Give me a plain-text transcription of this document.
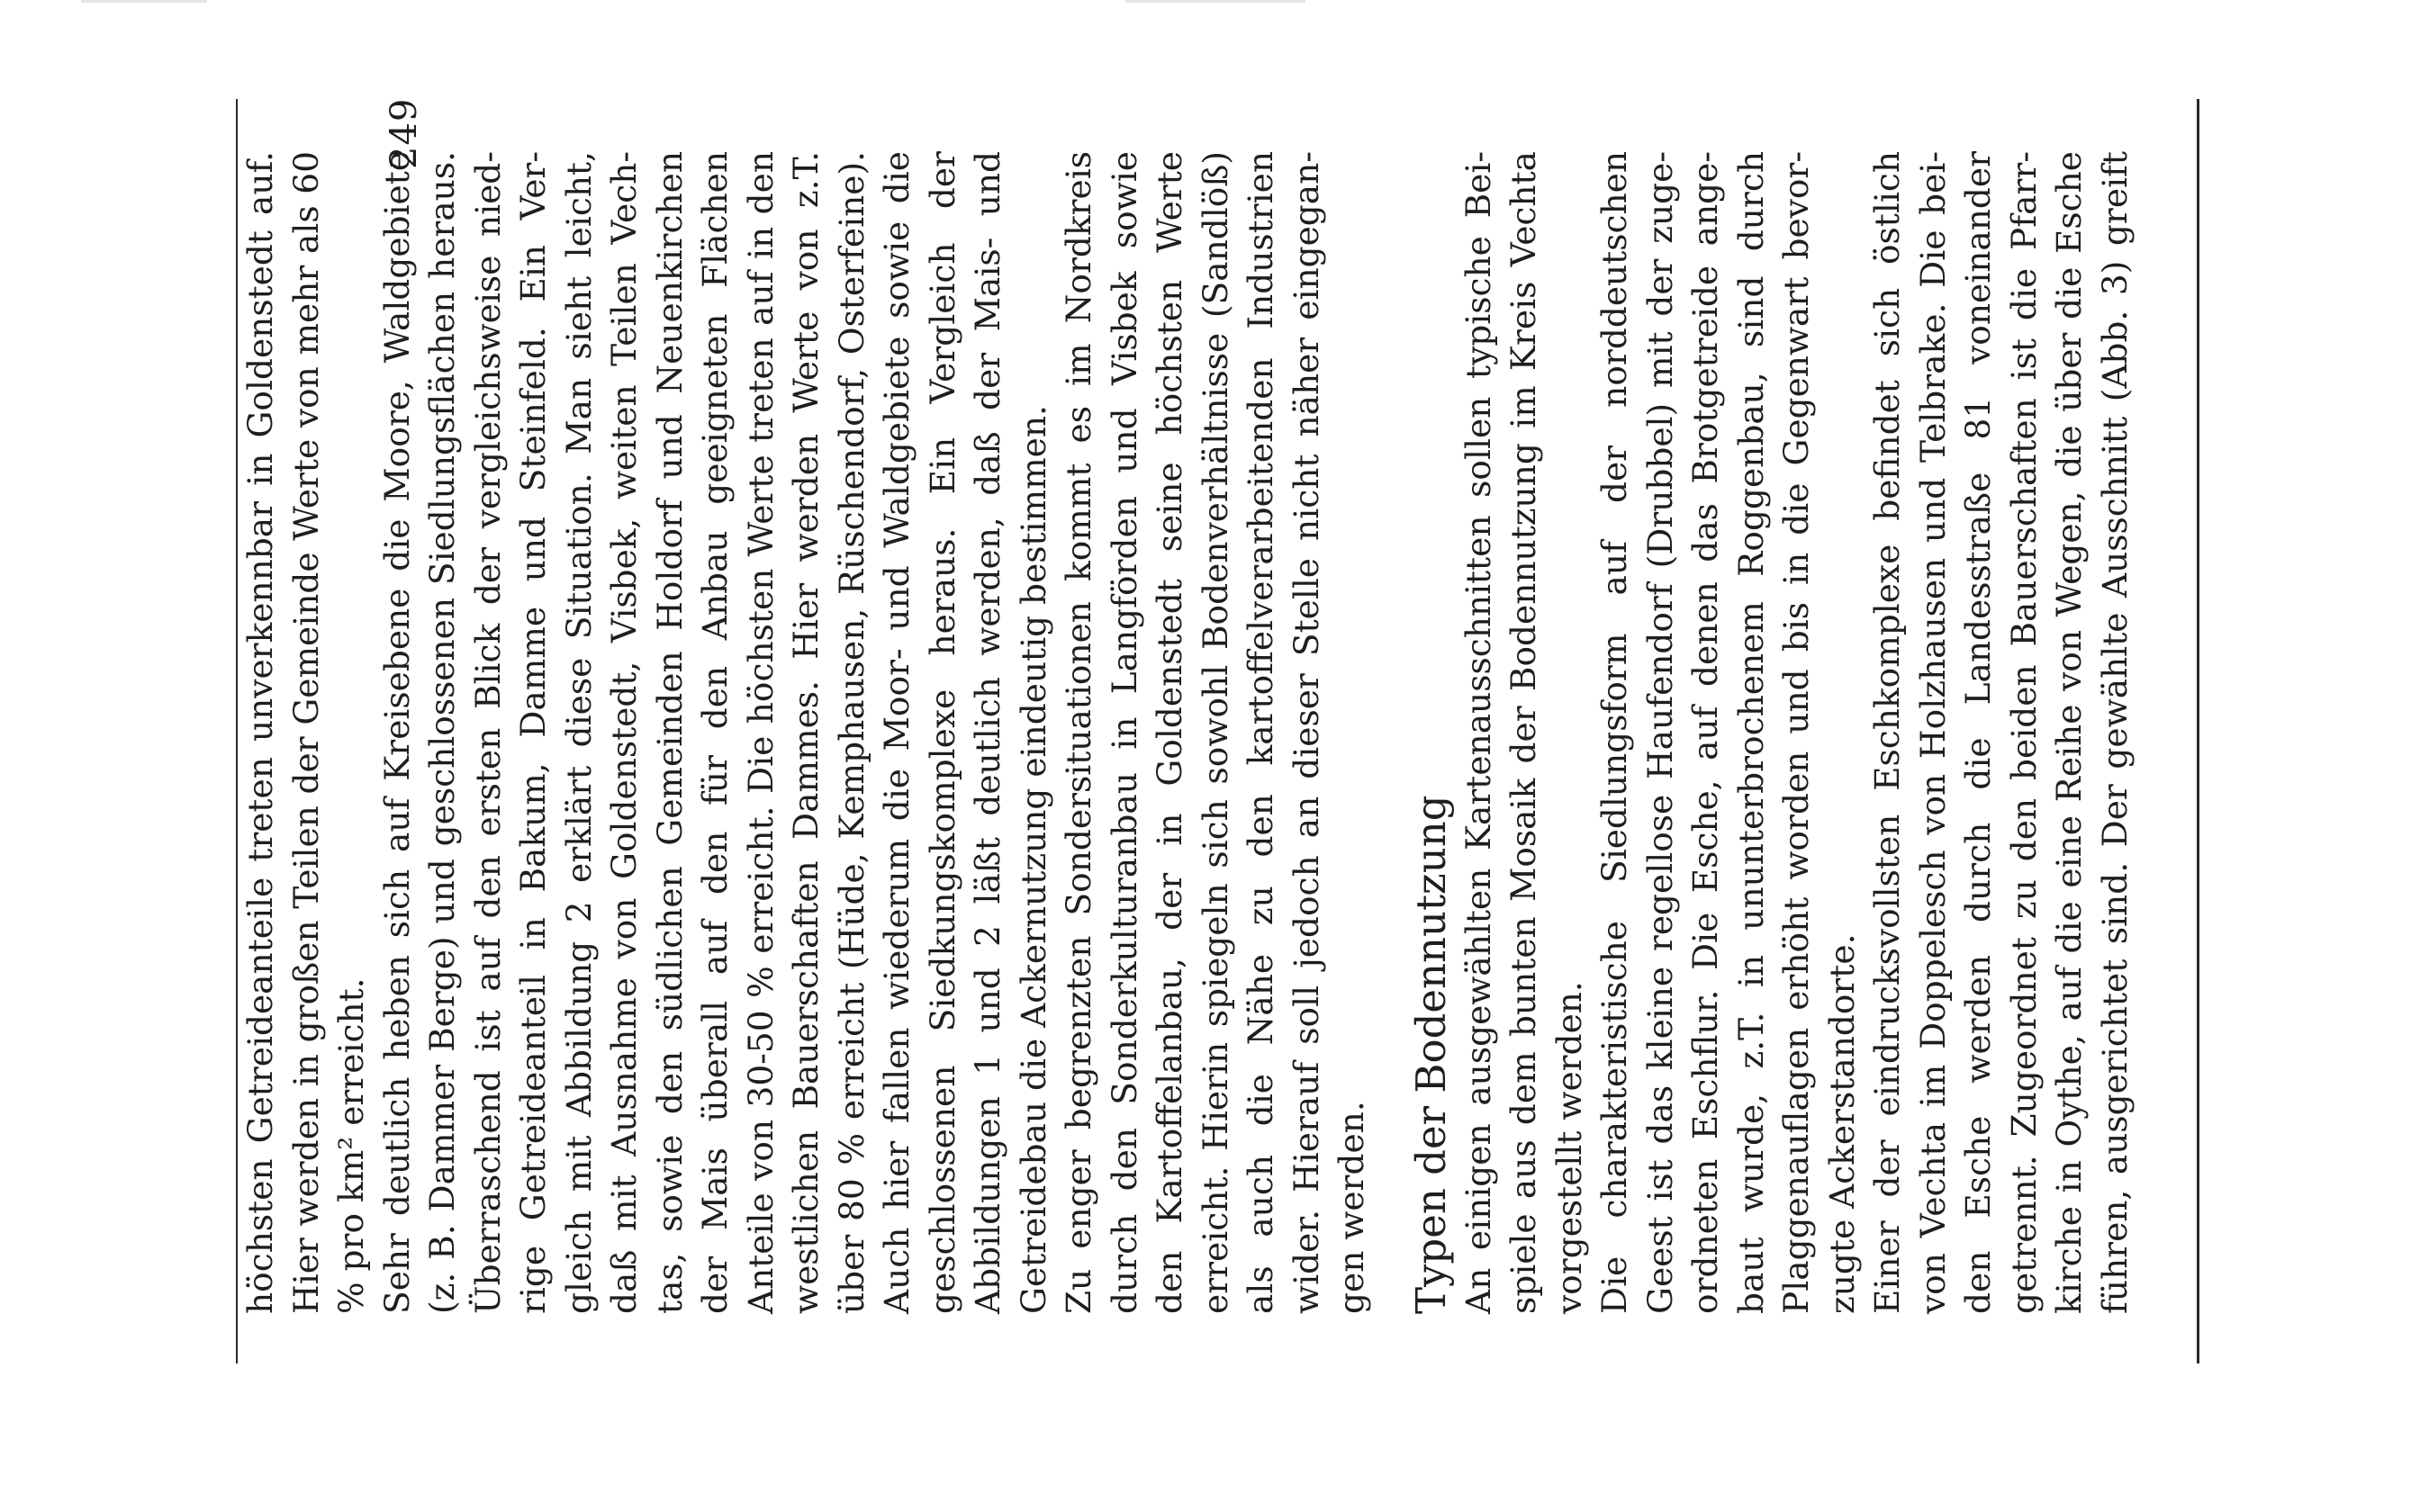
höchsten Getreideanteile treten unverkennbar in Goldenstedt auf. Hier werden in großen Teilen der Gemeinde Werte von mehr als 60 % pro km² erreicht. Sehr deutlich heben sich auf Kreisebene die Moore, Waldgebiete (z. B. Dammer Berge) und geschlossenen Siedlungsflächen heraus. Überraschend ist auf den ersten Blick der vergleichsweise nied- rige Getreideanteil in Bakum, Damme und Steinfeld. Ein Ver- gleich mit Abbildung 2 erklärt diese Situation. Man sieht leicht, daß mit Ausnahme von Goldenstedt, Visbek, weiten Teilen Vech- tas, sowie den südlichen Gemeinden Holdorf und Neuenkirchen der Mais überall auf den für den Anbau geeigneten Flächen Anteile von 30-50 % erreicht. Die höchsten Werte treten auf in den westlichen Bauerschaften Dammes. Hier werden Werte von z.T. über 80 % erreicht (Hüde, Kemphausen, Rüschendorf, Osterfeine). Auch hier fallen wiederum die Moor- und Waldgebiete sowie die geschlossenen Siedkungskomplexe heraus. Ein Vergleich der Abbildungen 1 und 2 läßt deutlich werden, daß der Mais- und Getreidebau die Ackernutzung eindeutig bestimmen. Zu enger begrenzten Sondersituationen kommt es im Nordkreis durch den Sonderkulturanbau in Langförden und Visbek sowie den Kartoffelanbau, der in Goldenstedt seine höchsten Werte erreicht. Hierin spiegeln sich sowohl Bodenverhältnisse (Sandlöß) als auch die Nähe zu den kartoffelverarbeitenden Industrien wider. Hierauf soll jedoch an dieser Stelle nicht näher eingegan- gen werden. Typen der Bodennutzung An einigen ausgewählten Kartenausschnitten sollen typische Bei- spiele aus dem bunten Mosaik der Bodennutzung im Kreis Vechta vorgestellt werden. Die charakteristische Siedlungsform auf der norddeutschen Geest ist das kleine regellose Haufendorf (Drubbel) mit der zuge- ordneten Eschflur. Die Esche, auf denen das Brotgetreide ange- baut wurde, z.T. in ununterbrochenem Roggenbau, sind durch Plaggenauflagen erhöht worden und bis in die Gegenwart bevor- zugte Ackerstandorte. Einer der eindrucksvollsten Eschkomplexe befindet sich östlich von Vechta im Doppelesch von Holzhausen und Telbrake. Die bei- den Esche werden durch die Landesstraße 81 voneinander getrennt. Zugeordnet zu den beiden Bauerschaften ist die Pfarr- kirche in Oythe, auf die eine Reihe von Wegen, die über die Esche führen, ausgerichtet sind. Der gewählte Ausschnitt (Abb. 3) greift
249
